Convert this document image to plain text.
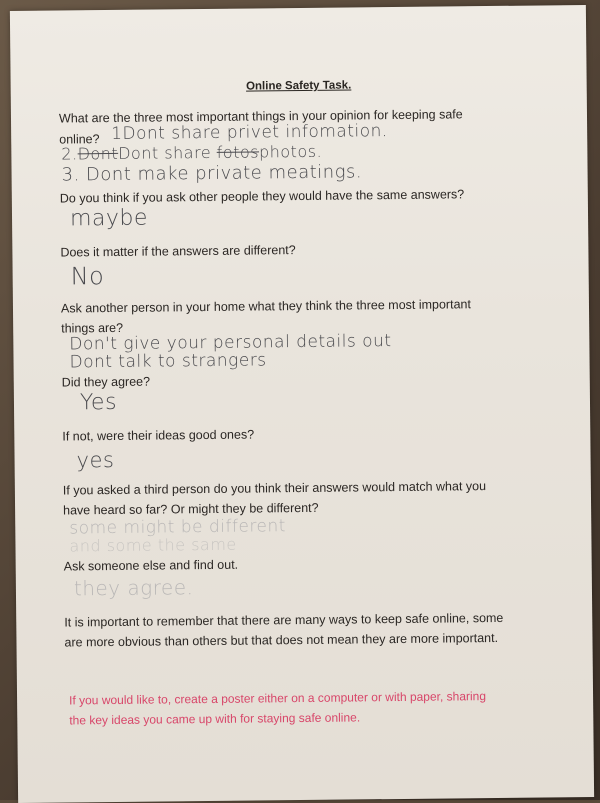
Online Safety Task.
What are the three most important things in your opinion for keeping safe
online? 1Dont share privet infomation.
2.DontDont share fotosphotos.
3. Dont make private meatings.
Do you think if you ask other people they would have the same answers?
maybe
Does it matter if the answers are different?
No
Ask another person in your home what they think the three most important
things are?
Don't give your personal details out
Dont talk to strangers
Did they agree?
Yes
If not, were their ideas good ones?
yes
If you asked a third person do you think their answers would match what you
have heard so far? Or might they be different?
some might be different
and some the same
Ask someone else and find out.
they agree.
It is important to remember that there are many ways to keep safe online, some
are more obvious than others but that does not mean they are more important.
If you would like to, create a poster either on a computer or with paper, sharing
the key ideas you came up with for staying safe online.
